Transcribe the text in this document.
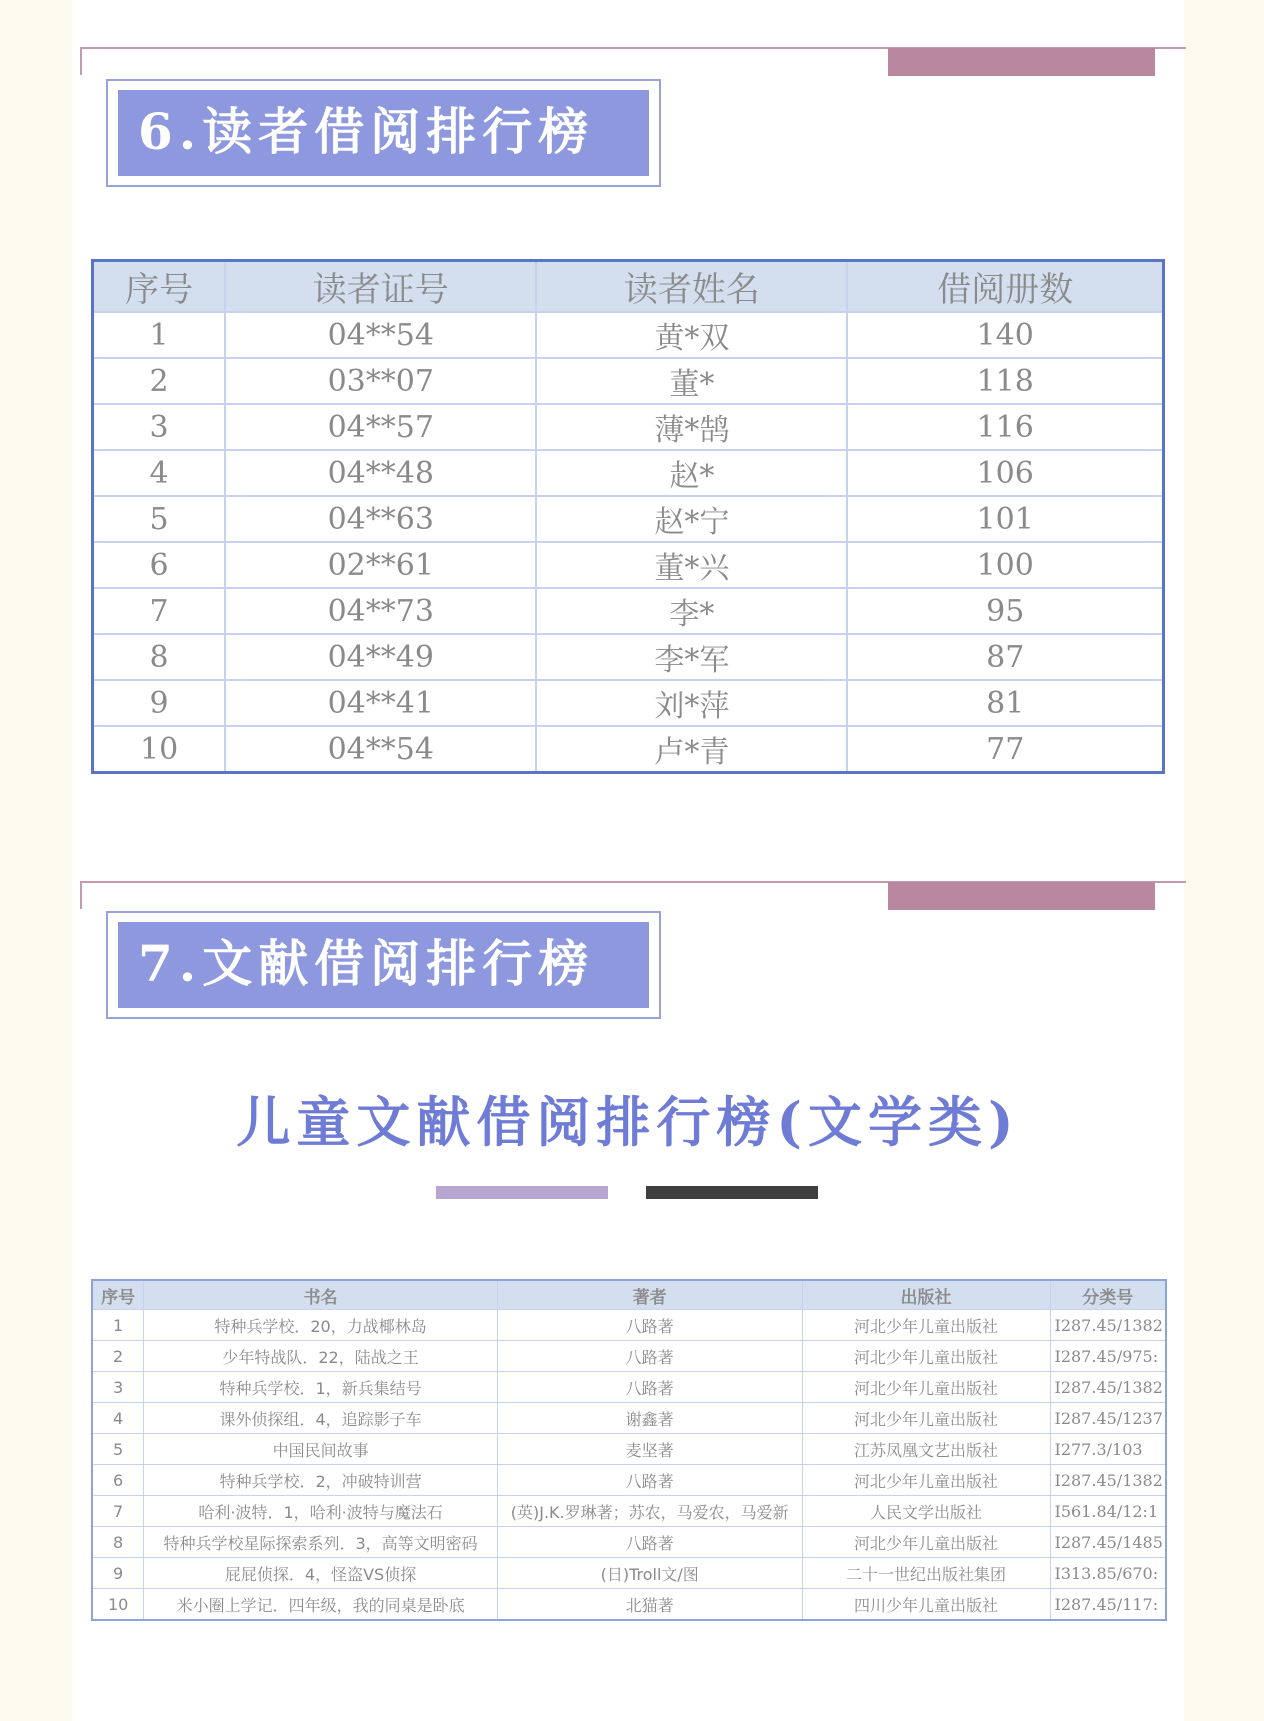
6.读者借阅排行榜
序号	读者证号	读者姓名	借阅册数
1	04**54	黄*双	140
2	03**07	董*	118
3	04**57	薄*鹄	116
4	04**48	赵*	106
5	04**63	赵*宁	101
6	02**61	董*兴	100
7	04**73	李*	95
8	04**49	李*军	87
9	04**41	刘*萍	81
10	04**54	卢*青	77
7.文献借阅排行榜
儿童文献借阅排行榜(文学类)
序号	书名	著者	出版社	分类号
1	特种兵学校．20，力战椰林岛	八路著	河北少年儿童出版社	I287.45/1382
2	少年特战队．22，陆战之王	八路著	河北少年儿童出版社	I287.45/975:
3	特种兵学校．1，新兵集结号	八路著	河北少年儿童出版社	I287.45/1382
4	课外侦探组．4，追踪影子车	谢鑫著	河北少年儿童出版社	I287.45/1237
5	中国民间故事	麦坚著	江苏凤凰文艺出版社	I277.3/103
6	特种兵学校．2，冲破特训营	八路著	河北少年儿童出版社	I287.45/1382
7	哈利·波特．1，哈利·波特与魔法石	(英)J.K.罗琳著；苏农，马爱农，马爱新	人民文学出版社	I561.84/12:1
8	特种兵学校星际探索系列．3，高等文明密码	八路著	河北少年儿童出版社	I287.45/1485
9	屁屁侦探．4，怪盗VS侦探	(日)Troll文/图	二十一世纪出版社集团	I313.85/670:
10	米小圈上学记．四年级，我的同桌是卧底	北猫著	四川少年儿童出版社	I287.45/117:
